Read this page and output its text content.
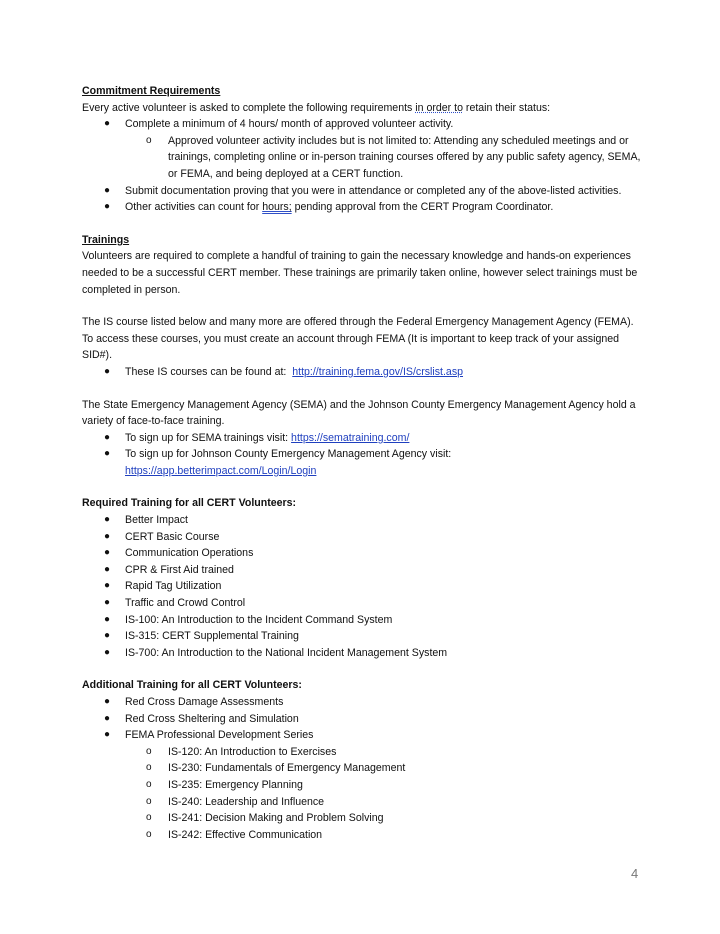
Commitment Requirements

Every active volunteer is asked to complete the following requirements in order to retain their status:

● Complete a minimum of 4 hours/ month of approved volunteer activity.
o Approved volunteer activity includes but is not limited to: Attending any scheduled meetings and or trainings, completing online or in-person training courses offered by any public safety agency, SEMA, or FEMA, and being deployed at a CERT function.
● Submit documentation proving that you were in attendance or completed any of the above-listed activities.
● Other activities can count for hours; pending approval from the CERT Program Coordinator.

Trainings

Volunteers are required to complete a handful of training to gain the necessary knowledge and hands-on experiences needed to be a successful CERT member. These trainings are primarily taken online, however select trainings must be completed in person.

The IS course listed below and many more are offered through the Federal Emergency Management Agency (FEMA). To access these courses, you must create an account through FEMA (It is important to keep track of your assigned SID#).

● These IS courses can be found at:  http://training.fema.gov/IS/crslist.asp

The State Emergency Management Agency (SEMA) and the Johnson County Emergency Management Agency hold a variety of face-to-face training.

● To sign up for SEMA trainings visit: https://sematraining.com/
● To sign up for Johnson County Emergency Management Agency visit:
https://app.betterimpact.com/Login/Login

Required Training for all CERT Volunteers:

● Better Impact
● CERT Basic Course
● Communication Operations
● CPR & First Aid trained
● Rapid Tag Utilization
● Traffic and Crowd Control
● IS-100: An Introduction to the Incident Command System
● IS-315: CERT Supplemental Training
● IS-700: An Introduction to the National Incident Management System

Additional Training for all CERT Volunteers:

● Red Cross Damage Assessments
● Red Cross Sheltering and Simulation
● FEMA Professional Development Series
o IS-120: An Introduction to Exercises
o IS-230: Fundamentals of Emergency Management
o IS-235: Emergency Planning
o IS-240: Leadership and Influence
o IS-241: Decision Making and Problem Solving
o IS-242: Effective Communication
4
